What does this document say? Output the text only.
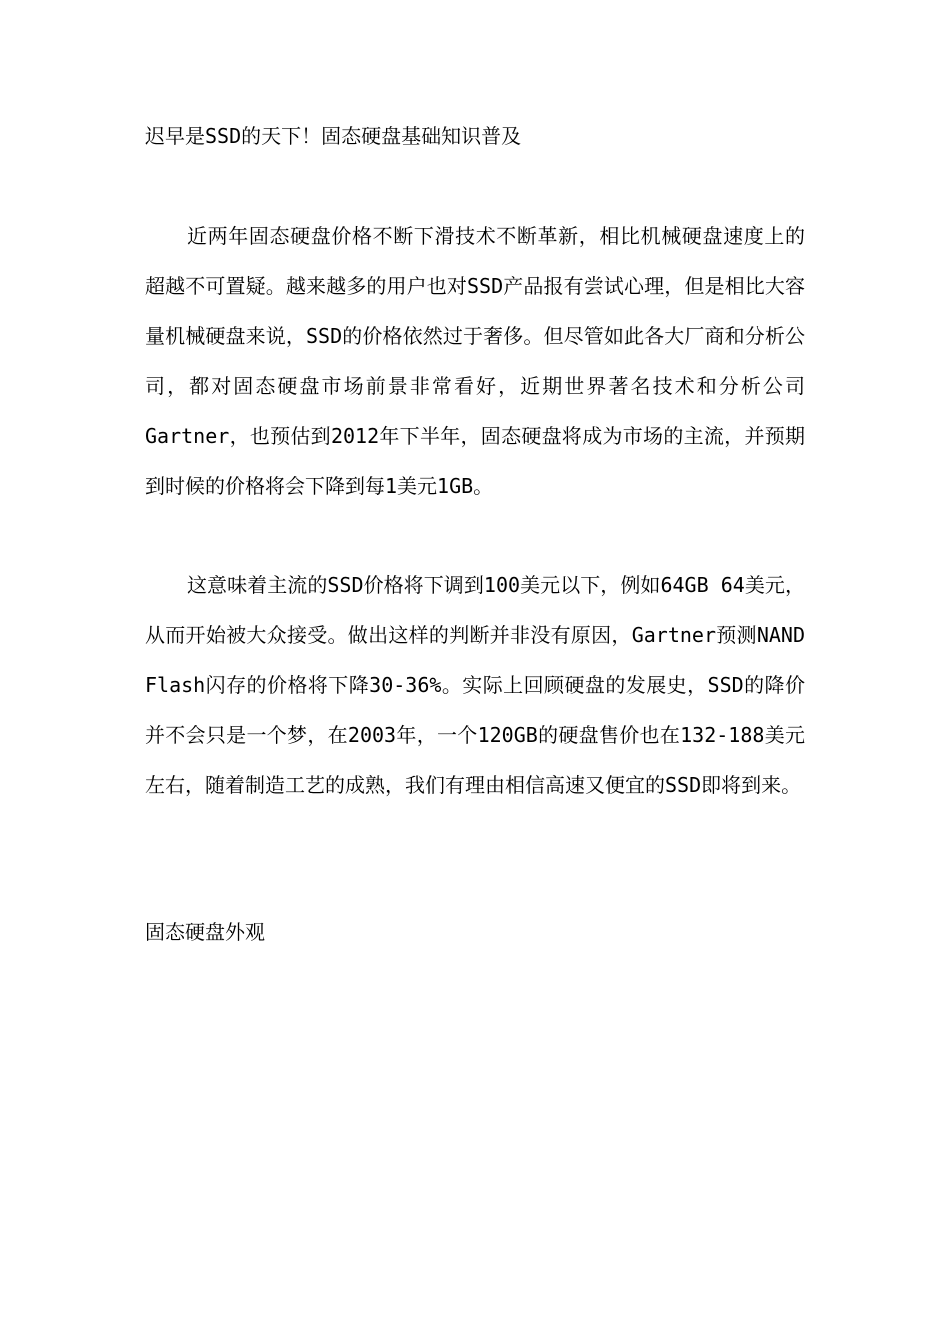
迟早是SSD的天下！固态硬盘基础知识普及

近两年固态硬盘价格不断下滑技术不断革新，相比机械硬盘速度上的超越不可置疑。越来越多的用户也对SSD产品报有尝试心理，但是相比大容量机械硬盘来说，SSD的价格依然过于奢侈。但尽管如此各大厂商和分析公司，都对固态硬盘市场前景非常看好，近期世界著名技术和分析公司Gartner，也预估到2012年下半年，固态硬盘将成为市场的主流，并预期到时候的价格将会下降到每1美元1GB。

这意味着主流的SSD价格将下调到100美元以下，例如64GB 64美元，从而开始被大众接受。做出这样的判断并非没有原因，Gartner预测NAND Flash闪存的价格将下降30-36%。实际上回顾硬盘的发展史，SSD的降价并不会只是一个梦，在2003年，一个120GB的硬盘售价也在132-188美元左右，随着制造工艺的成熟，我们有理由相信高速又便宜的SSD即将到来。

固态硬盘外观
